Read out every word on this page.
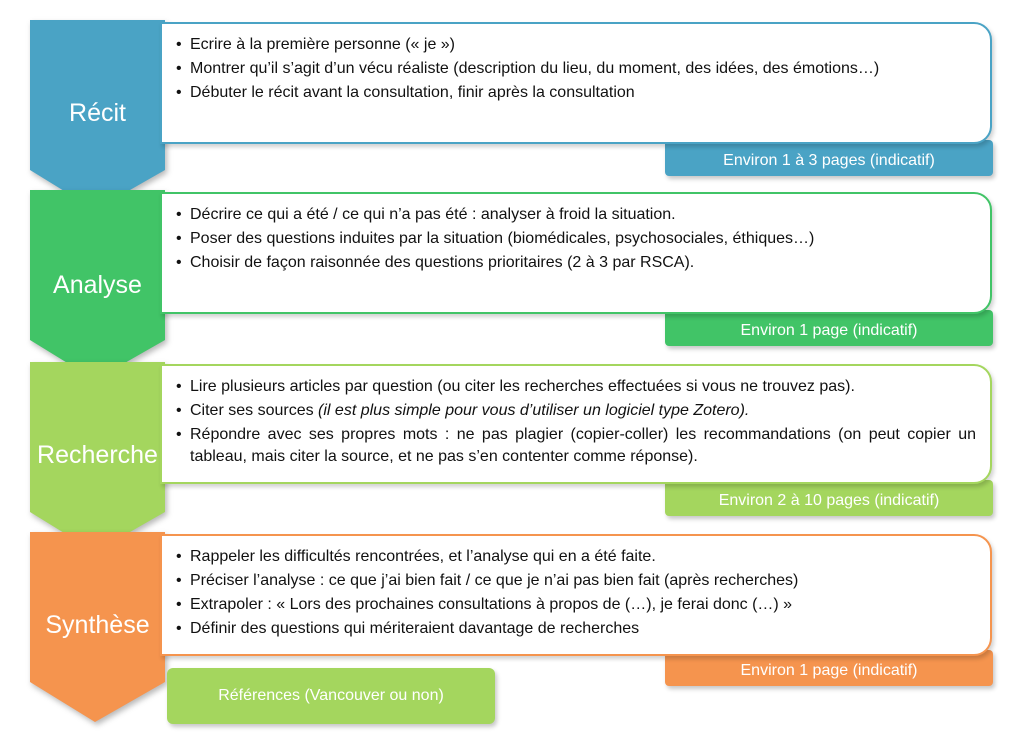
Environ 1 à 3 pages (indicatif)
• Ecrire à la première personne (« je »)
• Montrer qu’il s’agit d’un vécu réaliste (description du lieu, du moment, des idées, des émotions…)
• Débuter le récit avant la consultation, finir après la consultation
Récit
Environ 1 page (indicatif)
• Décrire ce qui a été / ce qui n’a pas été : analyser à froid la situation.
• Poser des questions induites par la situation (biomédicales, psychosociales, éthiques…)
• Choisir de façon raisonnée des questions prioritaires (2 à 3 par RSCA).
Analyse
Environ 2 à 10 pages (indicatif)
• Lire plusieurs articles par question (ou citer les recherches effectuées si vous ne trouvez pas).
• Citer ses sources (il est plus simple pour vous d’utiliser un logiciel type Zotero).
• Répondre avec ses propres mots : ne pas plagier (copier-coller) les recommandations (on peut copier un tableau, mais citer la source, et ne pas s’en contenter comme réponse).
Recherche
Environ 1 page (indicatif)
• Rappeler les difficultés rencontrées, et l’analyse qui en a été faite.
• Préciser l’analyse : ce que j’ai bien fait / ce que je n’ai pas bien fait (après recherches)
• Extrapoler : « Lors des prochaines consultations à propos de (…), je ferai donc (…) »
• Définir des questions qui mériteraient davantage de recherches
Synthèse
Références (Vancouver ou non)
